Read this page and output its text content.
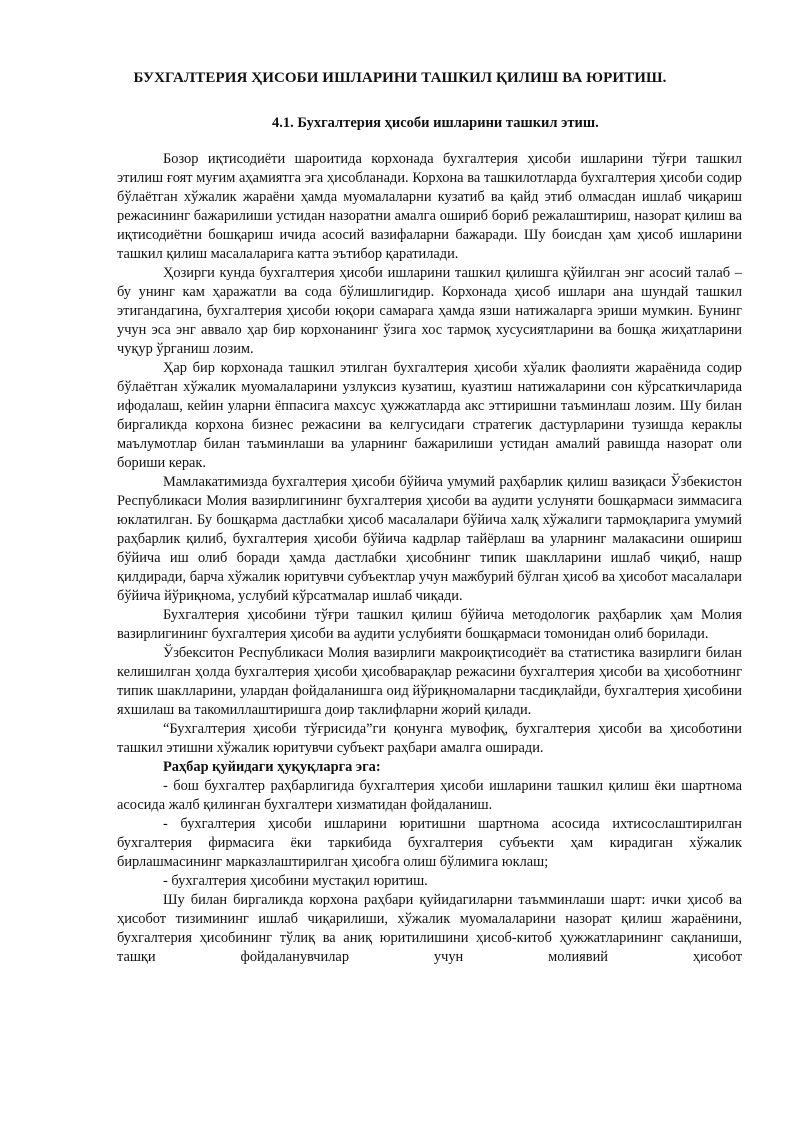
БУХГАЛТЕРИЯ ҲИСОБИ ИШЛАРИНИ ТАШКИЛ ҚИЛИШ ВА ЮРИТИШ.
4.1. Бухгалтерия ҳисоби ишларини ташкил этиш.

Бозор иқтисодиёти шароитида корхонада бухгалтерия ҳисоби ишларини тўғри ташкил этилиш ғоят муғим аҳамиятга эга ҳисобланади. Корхона ва ташкилотларда бухгалтерия ҳисоби содир бўлаётган хўжалик жараёни ҳамда муомалаларни кузатиб ва қайд этиб олмасдан ишлаб чиқариш режасининг бажарилиши устидан назоратни амалга ошириб бориб режалаштириш, назорат қилиш ва иқтисодиётни бошқариш ичида асосий вазифаларни бажаради. Шу боисдан ҳам ҳисоб ишларини ташкил қилиш масалаларига катта эътибор қаратилади.

Ҳозирги кунда бухгалтерия ҳисоби ишларини ташкил қилишга қўйилган энг асосий талаб – бу унинг кам ҳаражатли ва сода бўлишлигидир. Корхонада ҳисоб ишлари ана шундай ташкил этигандагина, бухгалтерия ҳисоби юқори самарага ҳамда язши натижаларга эриши мумкин. Бунинг учун эса энг аввало ҳар бир корхонанинг ўзига хос тармоқ хусусиятларини ва бошқа жиҳатларини чуқур ўрганиш лозим.

Ҳар бир корхонада ташкил этилган бухгалтерия ҳисоби хўалик фаолияти жараёнида содир бўлаётган хўжалик муомалаларини узлуксиз кузатиш, куазтиш натижаларини сон кўрсаткичларида ифодалаш, кейин уларни ёппасига махсус ҳужжатларда акс эттиришни таъминлаш лозим. Шу билан биргаликда корхона бизнес режасини ва келгусидаги стратегик дастурларини тузишда кераклы маълумотлар билан таъминлаши ва уларнинг бажарилиши устидан амалий равишда назорат оли бориши керак.

Мамлакатимизда бухгалтерия ҳисоби бўйича умумий раҳбарлик қилиш вазиқаси Ўзбекистон Республикаси Молия вазирлигининг бухгалтерия ҳисоби ва аудити услуняти бошқармаси зиммасига юклатилган. Бу бошқарма дастлабки ҳисоб масалалари бўйича халқ хўжалиги тармоқларига умумий раҳбарлик қилиб, бухгалтерия ҳисоби бўйича кадрлар тайёрлаш ва уларнинг малакасини ошириш бўйича иш олиб боради ҳамда дастлабки ҳисобнинг типик шаклларини ишлаб чиқиб, нашр қилдиради, барча хўжалик юритувчи субъектлар учун мажбурий бўлган ҳисоб ва ҳисобот масалалари бўйича йўриқнома, услубий кўрсатмалар ишлаб чиқади.

Бухгалтерия ҳисобини тўғри ташкил қилиш бўйича методологик раҳбарлик ҳам Молия вазирлигининг бухгалтерия ҳисоби ва аудити услубияти бошқармаси томонидан олиб борилади.

Ўзбекситон Республикаси Молия вазирлиги макроиқтисодиёт ва статистика вазирлиги билан келишилган ҳолда бухгалтерия ҳисоби ҳисобварақлар режасини бухгалтерия ҳисоби ва ҳисоботнинг типик шаклларини, улардан фойдаланишга оид йўриқномаларни тасдиқлайди, бухгалтерия ҳисобини яхшилаш ва такомиллаштиришга доир таклифларни жорий қилади.

“Бухгалтерия ҳисоби тўғрисида”ги қонунга мувофиқ, бухгалтерия ҳисоби ва ҳисоботини ташкил этишни хўжалик юритувчи субъект раҳбари амалга оширади.

Раҳбар қуйидаги ҳуқуқларга эга:

- бош бухгалтер раҳбарлигида бухгалтерия ҳисоби ишларини ташкил қилиш ёки шартнома асосида жалб қилинган бухгалтери хизматидан фойдаланиш.

- бухгалтерия ҳисоби ишларини юритишни шартнома асосида ихтисослаштирилган бухгалтерия фирмасига ёки таркибида бухгалтерия субъекти ҳам кирадиган хўжалик бирлашмасининг марказлаштирилган ҳисобга олиш бўлимига юклаш;

- бухгалтерия ҳисобини мустақил юритиш.

Шу билан биргаликда корхона раҳбари қуйидагиларни таъмминлаши шарт: ички ҳисоб ва ҳисобот тизимининг ишлаб чиқарилиши, хўжалик муомалаларини назорат қилиш жараёнини, бухгалтерия ҳисобининг тўлиқ ва аниқ юритилишини ҳисоб-китоб ҳужжатларининг сақланиши, ташқи фойдаланувчилар учун молиявий ҳисобот
